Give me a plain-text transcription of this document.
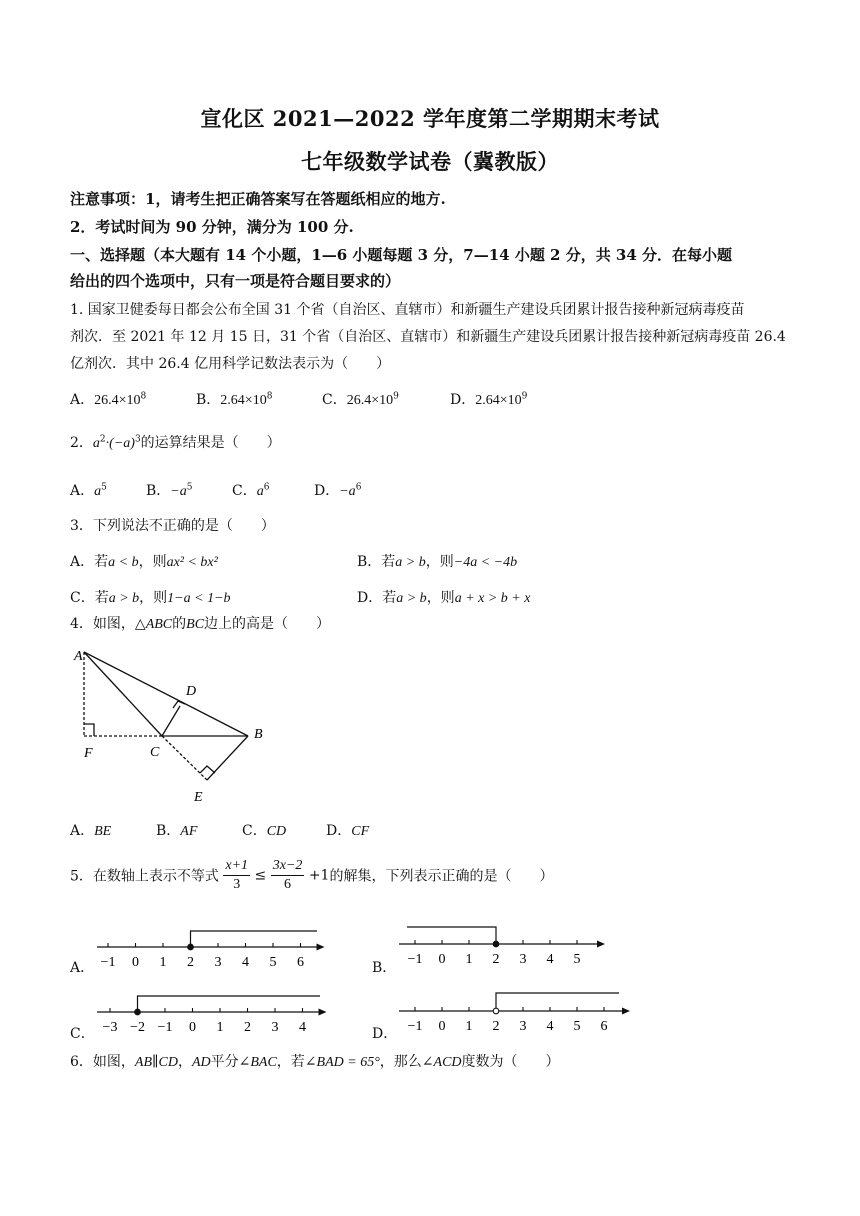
宣化区 2021—2022 学年度第二学期期末考试
七年级数学试卷（冀教版）
注意事项：1，请考生把正确答案写在答题纸相应的地方.
2．考试时间为 90 分钟，满分为 100 分.
一、选择题（本大题有 14 个小题，1—6 小题每题 3 分，7—14 小题 2 分，共 34 分．在每小题
给出的四个选项中，只有一项是符合题目要求的）
1. 国家卫健委每日都会公布全国 31 个省（自治区、直辖市）和新疆生产建设兵团累计报告接种新冠病毒疫苗
剂次．至 2021 年 12 月 15 日，31 个省（自治区、直辖市）和新疆生产建设兵团累计报告接种新冠病毒疫苗 26.4
亿剂次．其中 26.4 亿用科学记数法表示为（　　）
A．$26.4\times 10^8$	B．$2.64\times 10^8$	C．$26.4\times 10^9$	D．$2.64\times 10^9$
2．$a^2\cdot(-a)^3$的运算结果是（　　）
A．$a^5$	B．$-a^5$	C．$a^6$	D．$-a^6$
3．下列说法不正确的是（　　）
A．若a < b，则ax² < bx²	B．若a > b，则−4a < −4b
C．若a > b，则1−a < 1−b	D．若a > b，则a + x > b + x
4．如图，△ABC的BC边上的高是（　　）
A
D
B
F	C
E
A．BE	B．AF	C．CD	D．CF
5．在数轴上表示不等式 $\frac{x+1}{3} \le \frac{3x-2}{6} +1$的解集，下列表示正确的是（　　）
A． −1 0 1 2 3 4 5 6	B．
−1 0 1 2 3 4 5
C． −3 −2 −1 0 1 2 3 4	D． −1 0 1 2 3 4 5 6
6．如图，AB∥CD，AD平分∠BAC，若∠BAD = 65°，那么∠ACD度数为（　　）
